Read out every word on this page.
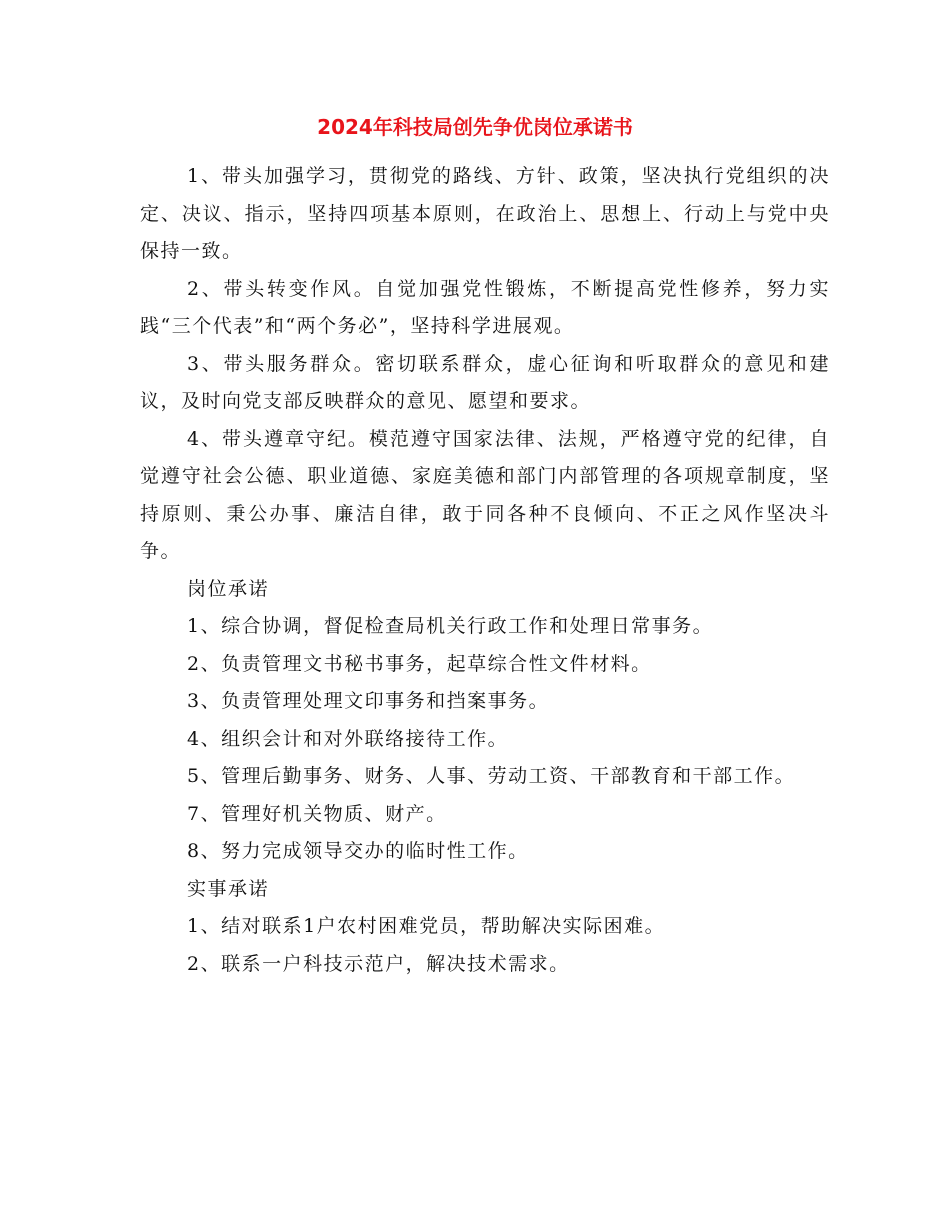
2024年科技局创先争优岗位承诺书

1、带头加强学习，贯彻党的路线、方针、政策，坚决执行党组织的决定、决议、指示，坚持四项基本原则，在政治上、思想上、行动上与党中央保持一致。

2、带头转变作风。自觉加强党性锻炼，不断提高党性修养，努力实践“三个代表”和“两个务必”，坚持科学进展观。

3、带头服务群众。密切联系群众，虚心征询和听取群众的意见和建议，及时向党支部反映群众的意见、愿望和要求。

4、带头遵章守纪。模范遵守国家法律、法规，严格遵守党的纪律，自觉遵守社会公德、职业道德、家庭美德和部门内部管理的各项规章制度，坚持原则、秉公办事、廉洁自律，敢于同各种不良倾向、不正之风作坚决斗争。

岗位承诺

1、综合协调，督促检查局机关行政工作和处理日常事务。

2、负责管理文书秘书事务，起草综合性文件材料。

3、负责管理处理文印事务和挡案事务。

4、组织会计和对外联络接待工作。

5、管理后勤事务、财务、人事、劳动工资、干部教育和干部工作。

7、管理好机关物质、财产。

8、努力完成领导交办的临时性工作。

实事承诺

1、结对联系1户农村困难党员，帮助解决实际困难。

2、联系一户科技示范户，解决技术需求。
